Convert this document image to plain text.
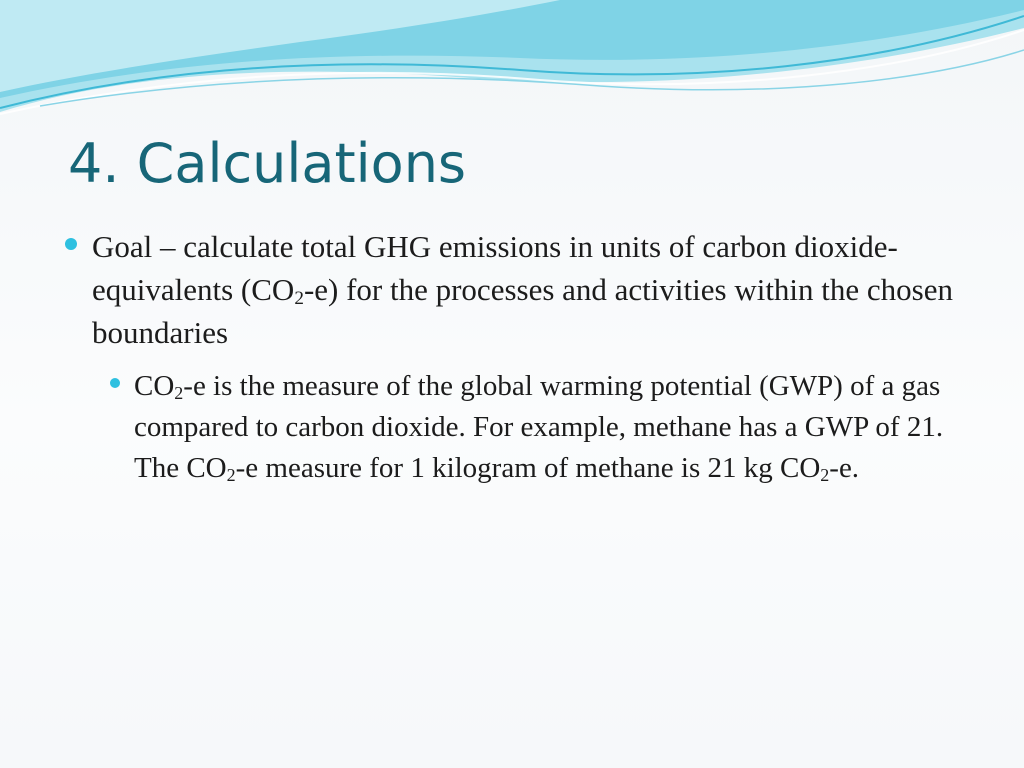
4. Calculations
Goal – calculate total GHG emissions in units of carbon dioxide-equivalents $(CO_2-e)$ for the processes and activities within the chosen boundaries
$CO_2-e$ is the measure of the global warming potential (GWP) of a gas compared to carbon dioxide. For example, methane has a GWP of 21. The $CO_2-e$ measure for 1 kilogram of methane is 21 kg $CO_2-e$.
